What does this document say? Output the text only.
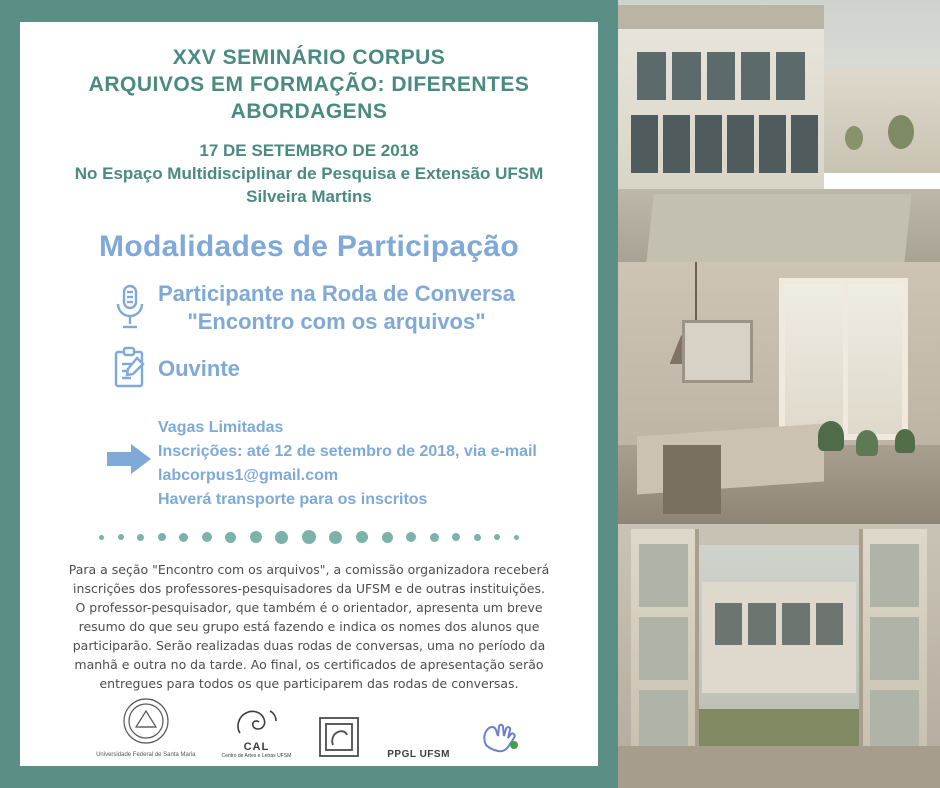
XXV SEMINÁRIO CORPUS
ARQUIVOS EM FORMAÇÃO: DIFERENTES ABORDAGENS
17 DE SETEMBRO DE 2018
No Espaço Multidisciplinar de Pesquisa e Extensão UFSM
Silveira Martins
Modalidades de Participação
Participante na Roda de Conversa
"Encontro com os arquivos"
Ouvinte
Vagas Limitadas
Inscrições: até 12 de setembro de 2018, via e-mail
labcorpus1@gmail.com
Haverá transporte para os inscritos

Para a seção "Encontro com os arquivos", a comissão organizadora receberá inscrições dos professores-pesquisadores da UFSM e de outras instituições. O professor-pesquisador, que também é o orientador, apresenta um breve resumo do que seu grupo está fazendo e indica os nomes dos alunos que participarão. Serão realizadas duas rodas de conversas, uma no período da manhã e outra no da tarde. Ao final, os certificados de apresentação serão entregues para todos os que participarem das rodas de conversas.

Universidade Federal de Santa Maria
CAL
Centro de Artes e Letras UFSM	PPGL UFSM
